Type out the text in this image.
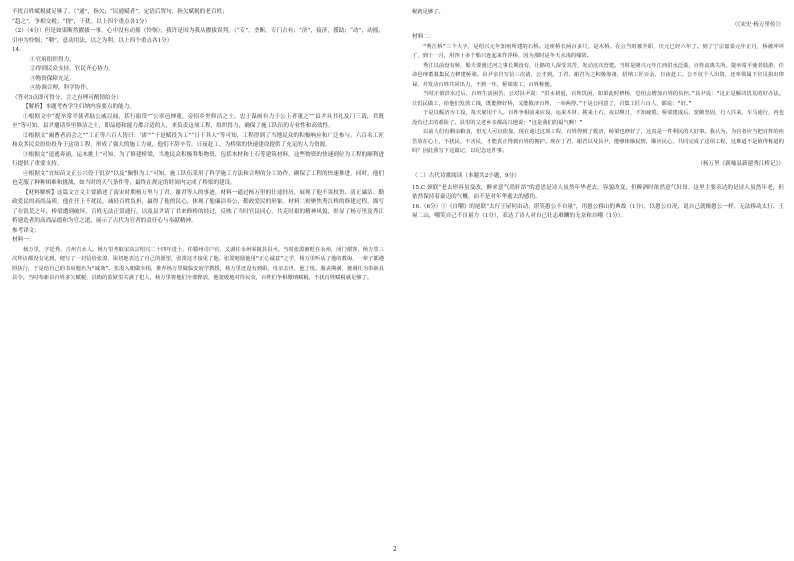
不扰百姓赋税就足够了。（“通”，指欠；“民通赋者”，定语后置句，指欠赋税的老百姓；

“趋之”，争相交税；“挠”，干扰。以上四个重点各1分）

（2）（4分）但是如果断然擢拔一事，心中没有动摇（怜悯），我许是因为我从擢拔误判。（“专”，垄断，专门占有；“济”，接济，援助；“动”，动摇，引申为怜悯；“剩”，意动用法，以之为利。以上四个重点各1分）

14.

①官府组织得力。

②得到民众支持，官民齐心协力。

③物资保障充足。

④协调合理，科学协作。

（答对3点即可得分，言之有理可酌情给分）

【解析】本题考查学生归纳内容要点的能力。

①根据文中“提举常平使者陆公戚以闻，括行振贷”“公率邑绅董，旁招乡里修洁之士，忠于谋画有力于公上者董之”“县尹具书礼及门三请，君既至”等可知，县尹邀请乡里修洁之士，即品德和能力都合适的人，来负责这项工程，组织得力，确保了施工队伍的专业性和高效性。

②根据文“阖曹者而会之”“工正等六百人皆曰：‘诺’”“干是赋役为工”“日千其人”等可知，工程得到了当地民众的积极响应和广泛参与，六百名工匠和众多民众纷纷投身于这项工程，形成了强大的施工力量，他们不辞辛劳，日夜赶工，为桥梁的快速建设提供了充足的人力资源。

③根据文“退逃奔涌，运木挑土”可知，为了修建桥梁，当地民众积极筹集物资，包括木材和土石等建筑材料，这些物资的快速到位为工程的顺利进行提供了重要支持。

④根据文“宜知苗文正公兴役于饥岁”以及“佩恨为工”可知，施工队伍采用了科学施工方法和合理的分工协作，确保了工程的快速推进。同时，他们也克服了种种困难和挑战，如当时的天气条件等，最终在规定的时间内完成了桥梁的建设。

【材料解析】这篇文言文主要描述了南宋时期杨万里与丁君、谢君等人的事迹。材料一通过杨万里的仕途经历，展现了他不畏权贵、清正廉洁、勤政爱民的高尚品质。他在任上不扰民，减轻百姓负担，赢得了他的民心，体现了他廉洁奉公、勤政爱民的形象。材料二则聚焦秀江桥的修建过程，描写了在饥荒之年，桥梁遭到破坏，百姓无法正常通行，以及县尹请丁君来修桥的经过，反映了当时官民同心，共克时艰的精神风貌，彰显了杨万里及秀江桥建造者的高尚品德和为官之道，展示了古代为官者的责任心与奉献精神。

参考译文：

材料一：

杨万里，字廷秀，吉州吉水人。杨万里考取宋高宗绍兴二十四年进士，任赣州司户官，又调任永州零陵县县丞。当时张浚被贬在永州，闭门谢客，杨万里三次拜访都没有见到，便写了一封信给张浚，深切地表达了自己的愿望，张浚这才接见了他。张浚勉励他用“正心诚意”之学，杨万里听从了他的教诲，一辈子都遵照执行，于是给自己的书房题名为“诚斋”。张浚入朝做宰相，推荐杨万里做临安府学教授，杨万里还没有到职，母亲去世，他丁忧。服丧期满，被调任为奉新县县令。当时奉新县百姓多欠赋税，县衙的监狱里关满了犯人，杨万里将他们全部释放，他宽缓地对待民众，百姓们争相缴纳赋税，不扰百姓赋税就足够了。

税就足够了。

（《宋史·杨万里传》）

材料二：

“秀江桥”三个大字，是绍兴元年知州所建的石桥。这座桥长两百多尺，是木桥。在公当时被升职，庆元已经六年了。到了宁宗嘉泰元年正月，桥被冲坏了，到十一月，用四十多个船只连起来作浮桥，因为那时是冬天水浅的缘故。

秀江以前没有桥，船夫要渡过河之事长期没有，让路的人深受其苦，发动这次营建。当时是隆兴元年江西洪水泛滥，百姓流离失所。提举常平使者陆游，任命邑绅董募集民力修建桥梁。县尹亲自写信三次请，公才到。丁君、谢君为之积极筹备，招纳工匠百余，日夜赶工。公不仅个人出资，还率领属下官员捐出俸禄，并发动百姓共同出力，不到一年，桥梁竣工，百姓称便。

当时正值洪水过后，百姓生活困苦。公对县尹说：“洪水初退，百姓饥困，如果此时修桥，恐怕会增加百姓的负担。”县尹说：“这正是解决饥荒的好办法。让饥民做工，给他们发放工钱，既能修好桥，又能救济百姓，一举两得。”于是公同意了，召集工匠六百人，都说：“好。”

于是以赈济为工役，每天雇用千人。百姓争相前来应役，运来木材、挑来土石，夜以继日，不知疲倦。桥梁建成后，宽敞坚固，行人往来，车马通行，再也没有过去的艰险了。县里的父老乡亲都高兴地说：“这是我们的福气啊！”

以前人们有剩余粮食，但无人可以依靠，现在通过这项工程，百姓得到了救济，桥梁也修好了，这真是一件利民的大好事。我认为，为官者应当把百姓的疾苦放在心上，不扰民、不害民，才能真正得到百姓的拥护。现在丁君、谢君以及县尹，能够体恤民情，顺应民心，共同完成了这项工程，这难道不是值得称道的吗？因此我写下这篇记，以纪念这件事。

（杨万里《新喻县新建秀江桥记》）

（二）古代诗歌阅读（本题共2小题，9分）

15.C 颈联“老去形容虽变改，醉来意气尚轩昂”的意思是诗人虽然年华老去，容貌改变，但醉酒时依然意气轩昂。这里主要表达的是诗人虽然年老，但依然保持着豪迈的气概，而不是对年华逝去的感伤。

16.（6分）①《自嘲》的尾联“太行王屋何由动，堪笑愚公不自量”，用愚公移山的典故（1分），以愚公自况，说自己就像愚公一样，无法移动太行、王屋二山，嘲笑自己不自量力（1分），表达了诗人对自己壮志难酬的无奈和自嘲（1分）。

2
